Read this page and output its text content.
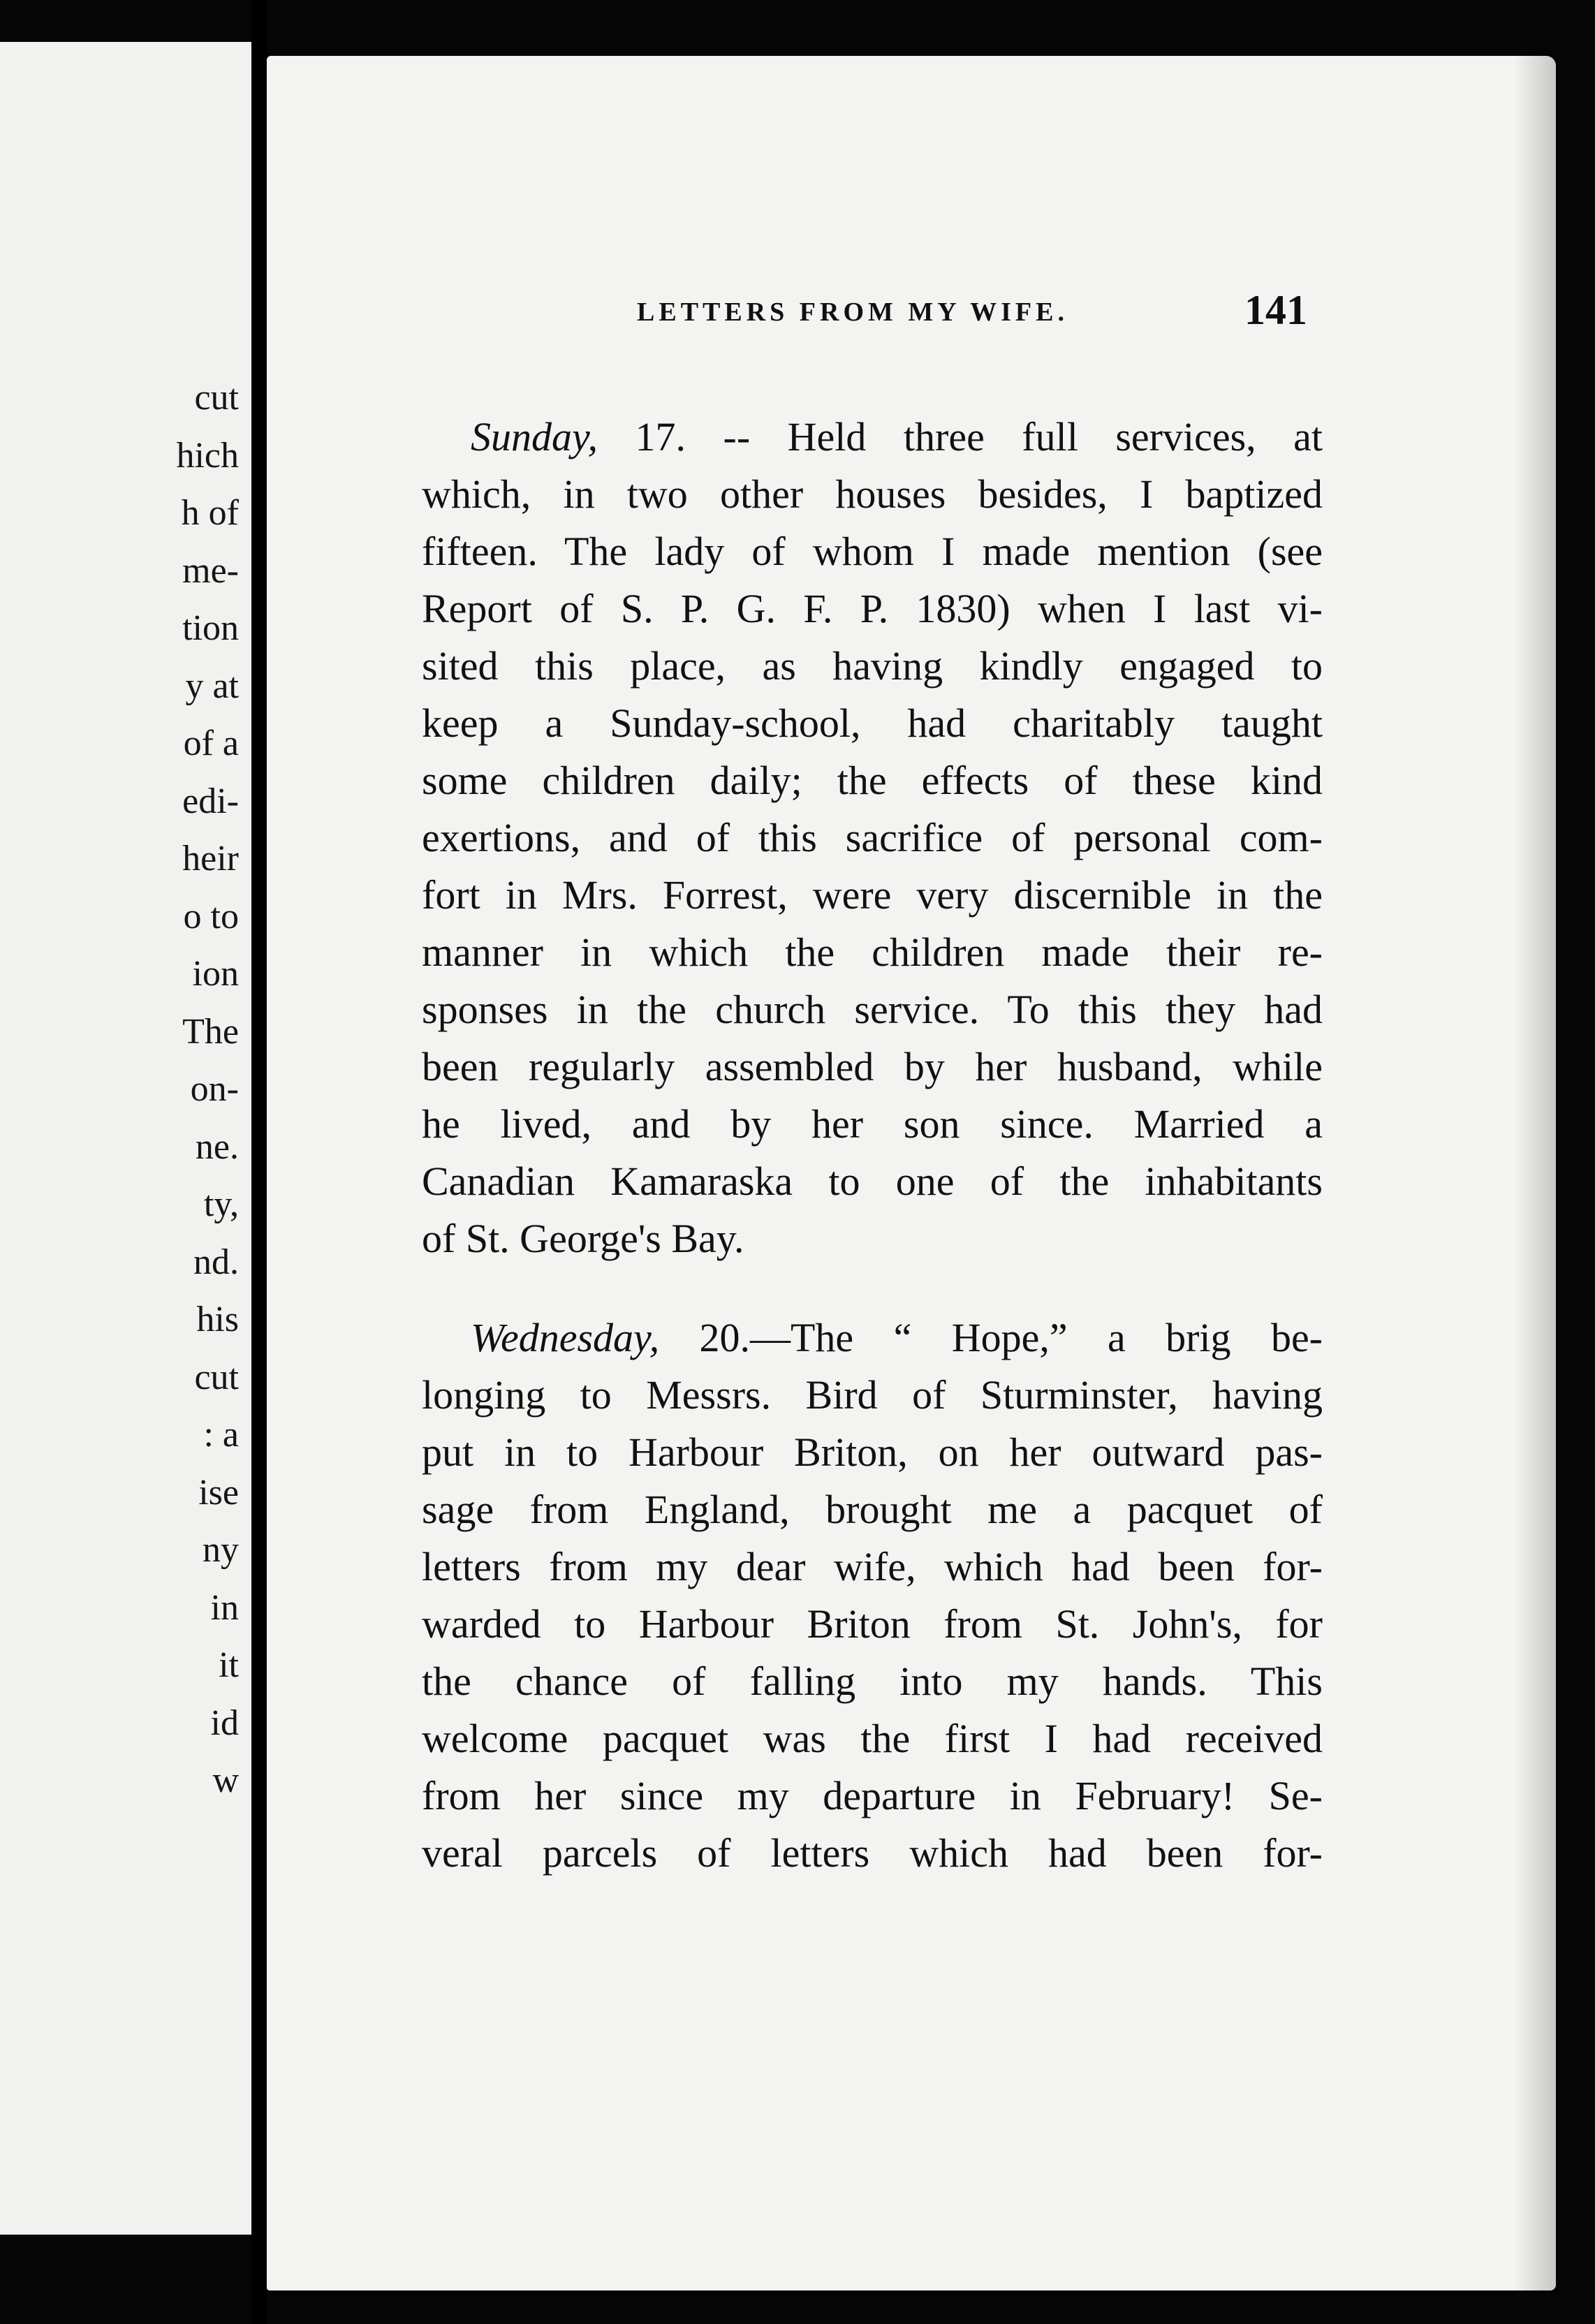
cut
hich
h of
me-
tion
y at
of a
edi-
heir
o to
ion
The
on-
ne.
ty,
nd.
his
cut
: a
ise
ny
in
it
id
w
LETTERS FROM MY WIFE.	141
Sunday, 17. -- Held three full services, at
which, in two other houses besides, I baptized
fifteen. The lady of whom I made mention (see
Report of S. P. G. F. P. 1830) when I last vi-
sited this place, as having kindly engaged to
keep a Sunday-school, had charitably taught
some children daily; the effects of these kind
exertions, and of this sacrifice of personal com-
fort in Mrs. Forrest, were very discernible in the
manner in which the children made their re-
sponses in the church service. To this they had
been regularly assembled by her husband, while
he lived, and by her son since. Married a
Canadian Kamaraska to one of the inhabitants
of St. George's Bay.
Wednesday, 20.—The “ Hope,” a brig be-
longing to Messrs. Bird of Sturminster, having
put in to Harbour Briton, on her outward pas-
sage from England, brought me a pacquet of
letters from my dear wife, which had been for-
warded to Harbour Briton from St. John's, for
the chance of falling into my hands. This
welcome pacquet was the first I had received
from her since my departure in February! Se-
veral parcels of letters which had been for-
